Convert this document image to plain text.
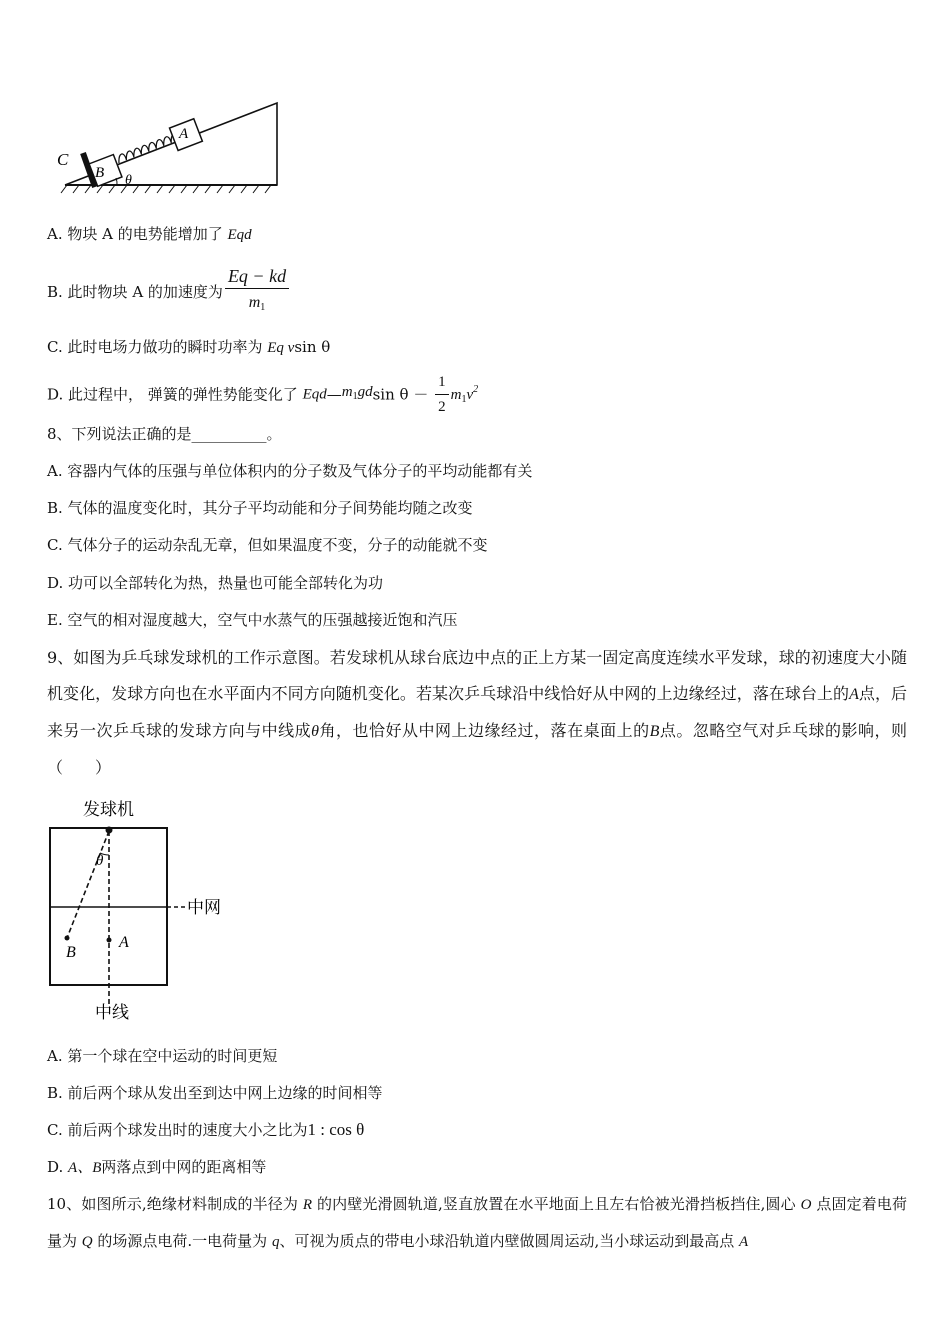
C
B
A
θ
A. 物块 A 的电势能增加了 Eqd
B. 此时物块 A 的加速度为 $\frac{Eq - kd}{m_1}$
C. 此时电场力做功的瞬时功率为 Eq vsin θ
D. 此过程中， 弹簧的弹性势能变化了 $Eqd—m_1gdsin$ $\theta - \frac{1}{2} m_1v^2$
8、下列说法正确的是__________。
A. 容器内气体的压强与单位体积内的分子数及气体分子的平均动能都有关
B. 气体的温度变化时，其分子平均动能和分子间势能均随之改变
C. 气体分子的运动杂乱无章，但如果温度不变，分子的动能就不变
D. 功可以全部转化为热，热量也可能全部转化为功
E. 空气的相对湿度越大，空气中水蒸气的压强越接近饱和汽压
9、如图为乒乓球发球机的工作示意图。若发球机从球台底边中点的正上方某一固定高度连续水平发球，球的初速度大小随机变化，发球方向也在水平面内不同方向随机变化。若某次乒乓球沿中线恰好从中网的上边缘经过，落在球台上的A点，后来另一次乒乓球的发球方向与中线成θ角，也恰好从中网上边缘经过，落在桌面上的B点。忽略空气对乒乓球的影响，则（　　）
发球机
中网
θ
A
B
中线
A. 第一个球在空中运动的时间更短
B. 前后两个球从发出至到达中网上边缘的时间相等
C. 前后两个球发出时的速度大小之比为1 : cos θ
D. A、B两落点到中网的距离相等
10、如图所示,绝缘材料制成的半径为 R 的内壁光滑圆轨道,竖直放置在水平地面上且左右恰被光滑挡板挡住,圆心 O 点固定着电荷量为 Q 的场源点电荷.一电荷量为 q、可视为质点的带电小球沿轨道内壁做圆周运动,当小球运动到最高点 A
